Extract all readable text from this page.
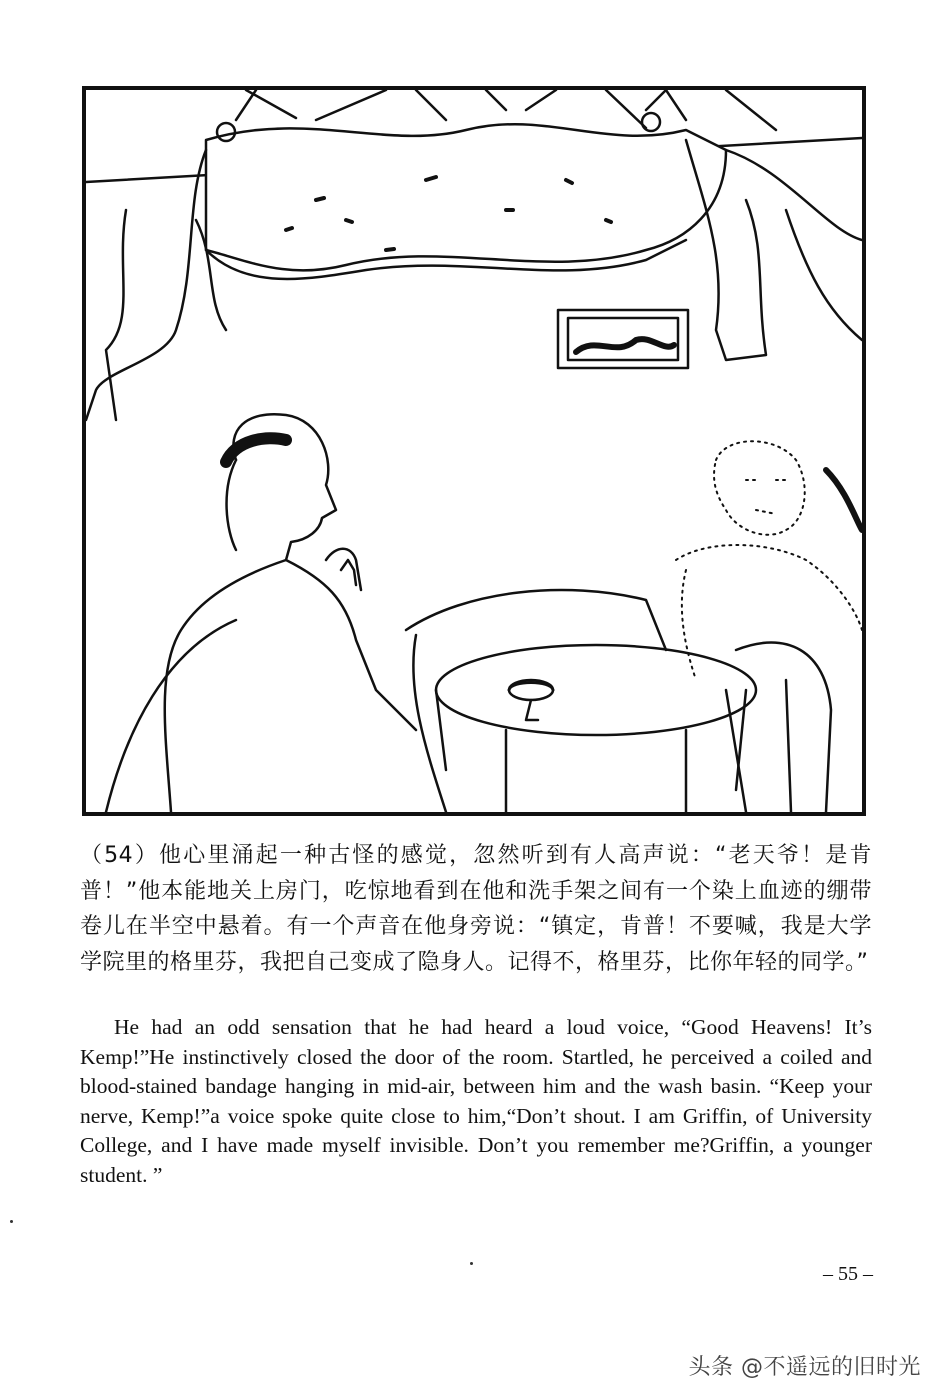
（54）他心里涌起一种古怪的感觉，忽然听到有人高声说：“老天爷！是肯普！”他本能地关上房门，吃惊地看到在他和洗手架之间有一个染上血迹的绷带卷儿在半空中悬着。有一个声音在他身旁说：“镇定，肯普！不要喊，我是大学学院里的格里芬，我把自己变成了隐身人。记得不，格里芬，比你年轻的同学。”

He had an odd sensation that he had heard a loud voice, “Good Heavens! It’s Kemp!”He instinctively closed the door of the room. Startled, he perceived a coiled and blood-stained bandage hanging in mid-air, between him and the wash basin. “Keep your nerve, Kemp!”a voice spoke quite close to him,“Don’t shout. I am Griffin, of University College, and I have made myself invisible. Don’t you remember me?Griffin, a younger student. ”

– 55 –
头条 @不遥远的旧时光
